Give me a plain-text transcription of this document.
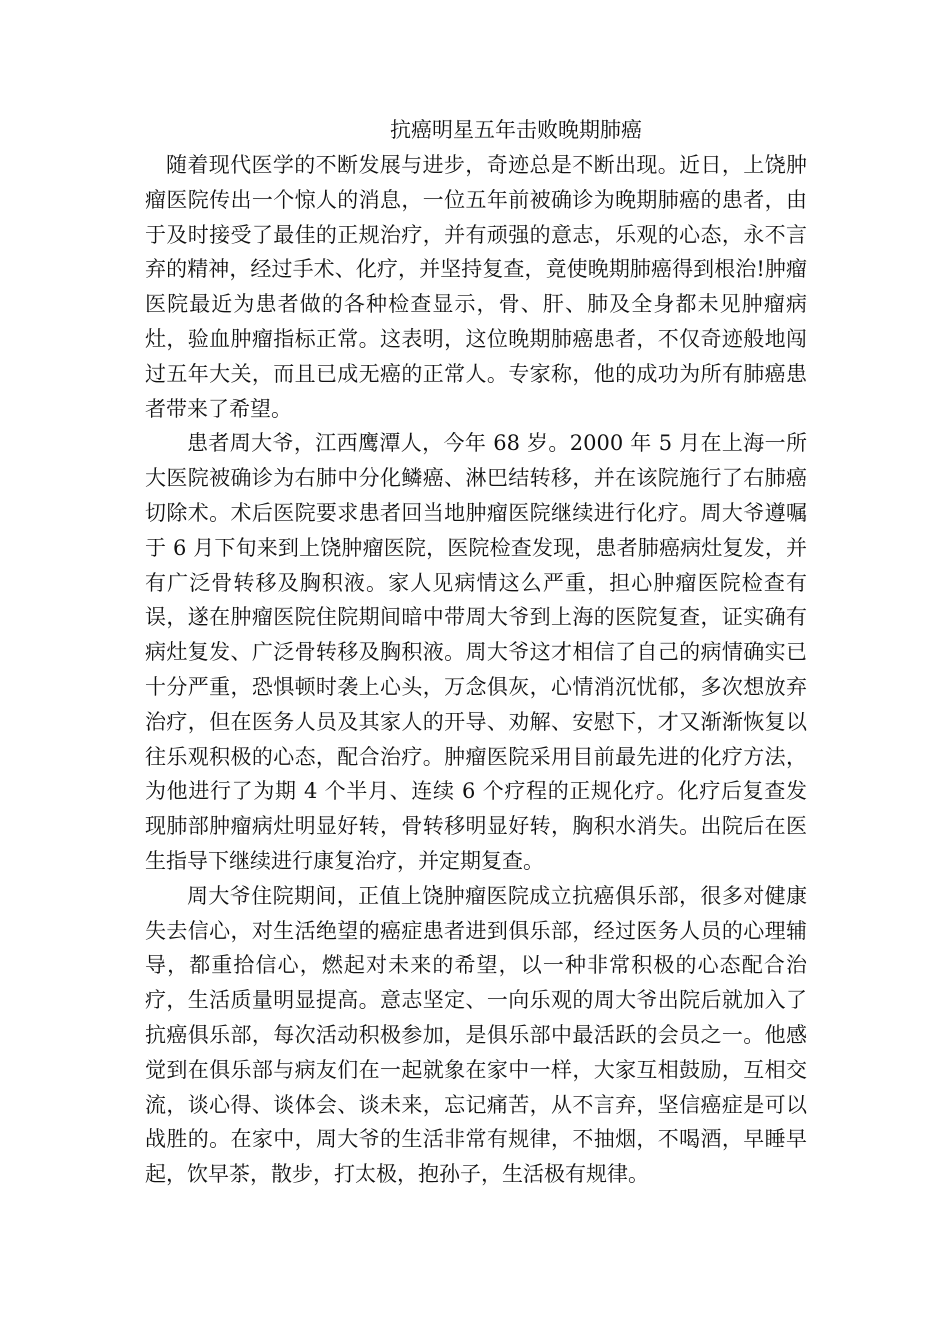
抗癌明星五年击败晚期肺癌

随着现代医学的不断发展与进步，奇迹总是不断出现。近日，上饶肿瘤医院传出一个惊人的消息，一位五年前被确诊为晚期肺癌的患者，由于及时接受了最佳的正规治疗，并有顽强的意志，乐观的心态，永不言弃的精神，经过手术、化疗，并坚持复查，竟使晚期肺癌得到根治!肿瘤医院最近为患者做的各种检查显示，骨、肝、肺及全身都未见肿瘤病灶，验血肿瘤指标正常。这表明，这位晚期肺癌患者，不仅奇迹般地闯过五年大关，而且已成无癌的正常人。专家称，他的成功为所有肺癌患者带来了希望。

患者周大爷，江西鹰潭人，今年 68 岁。2000 年 5 月在上海一所大医院被确诊为右肺中分化鳞癌、淋巴结转移，并在该院施行了右肺癌切除术。术后医院要求患者回当地肿瘤医院继续进行化疗。周大爷遵嘱于 6 月下旬来到上饶肿瘤医院，医院检查发现，患者肺癌病灶复发，并有广泛骨转移及胸积液。家人见病情这么严重，担心肿瘤医院检查有误，遂在肿瘤医院住院期间暗中带周大爷到上海的医院复查，证实确有病灶复发、广泛骨转移及胸积液。周大爷这才相信了自己的病情确实已十分严重，恐惧顿时袭上心头，万念俱灰，心情消沉忧郁，多次想放弃治疗，但在医务人员及其家人的开导、劝解、安慰下，才又渐渐恢复以往乐观积极的心态，配合治疗。肿瘤医院采用目前最先进的化疗方法，为他进行了为期 4 个半月、连续 6 个疗程的正规化疗。化疗后复查发现肺部肿瘤病灶明显好转，骨转移明显好转，胸积水消失。出院后在医生指导下继续进行康复治疗，并定期复查。

周大爷住院期间，正值上饶肿瘤医院成立抗癌俱乐部，很多对健康失去信心，对生活绝望的癌症患者进到俱乐部，经过医务人员的心理辅导，都重拾信心，燃起对未来的希望，以一种非常积极的心态配合治疗，生活质量明显提高。意志坚定、一向乐观的周大爷出院后就加入了抗癌俱乐部，每次活动积极参加，是俱乐部中最活跃的会员之一。他感觉到在俱乐部与病友们在一起就象在家中一样，大家互相鼓励，互相交流，谈心得、谈体会、谈未来，忘记痛苦，从不言弃，坚信癌症是可以战胜的。在家中，周大爷的生活非常有规律，不抽烟，不喝酒，早睡早起，饮早茶，散步，打太极，抱孙子，生活极有规律。
